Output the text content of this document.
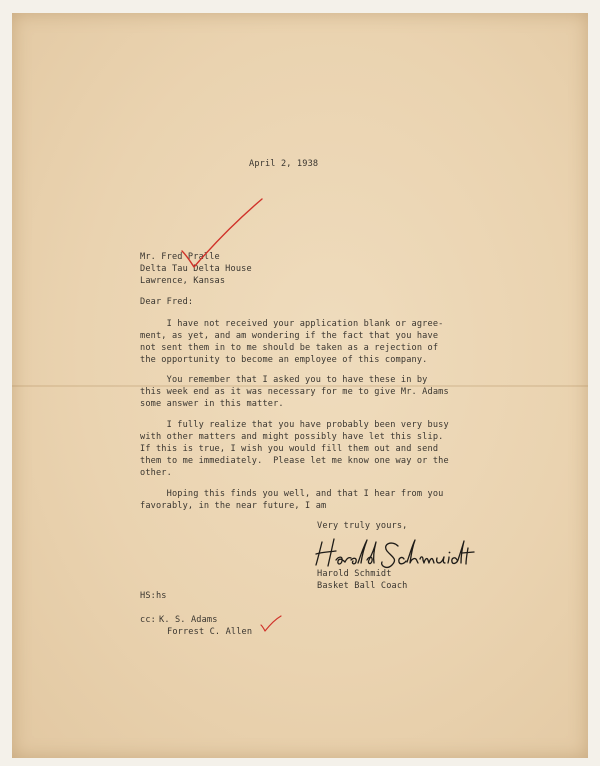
April 2, 1938
Mr. Fred Pralle
Delta Tau Delta House
Lawrence, Kansas
Dear Fred:
I have not received your application blank or agree-
ment, as yet, and am wondering if the fact that you have
not sent them in to me should be taken as a rejection of
the opportunity to become an employee of this company.
You remember that I asked you to have these in by
this week end as it was necessary for me to give Mr. Adams
some answer in this matter.
I fully realize that you have probably been very busy
with other matters and might possibly have let this slip.
If this is true, I wish you would fill them out and send
them to me immediately.  Please let me know one way or the
other.
Hoping this finds you well, and that I hear from you
favorably, in the near future, I am
Very truly yours,
Harold Schmidt
Basket Ball Coach
HS:hs
cc: K. S. Adams
Forrest C. Allen
